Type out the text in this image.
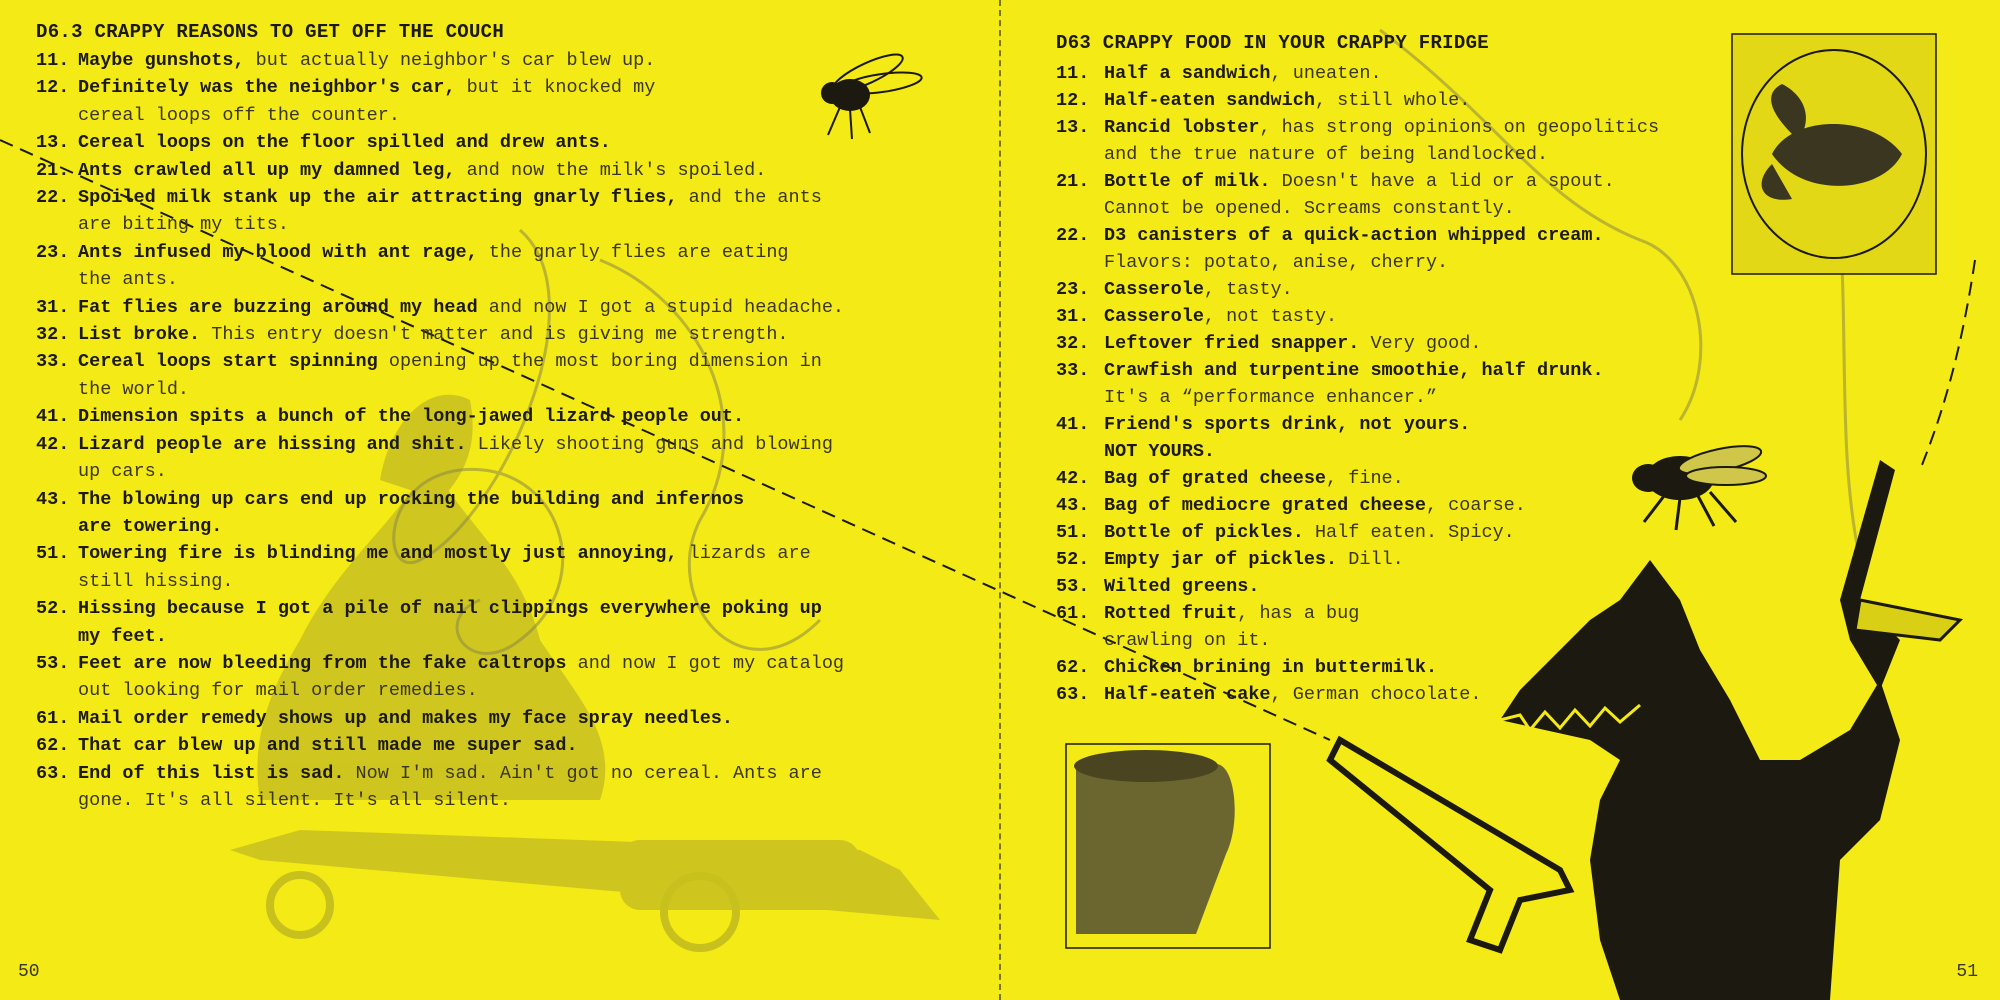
D6.3 CRAPPY REASONS TO GET OFF THE COUCH
11. Maybe gunshots, but actually neighbor's car blew up.
12. Definitely was the neighbor's car, but it knocked my
cereal loops off the counter.
13. Cereal loops on the floor spilled and drew ants.
21. Ants crawled all up my damned leg, and now the milk's spoiled.
22. Spoiled milk stank up the air attracting gnarly flies, and the ants
are biting my tits.
23. Ants infused my blood with ant rage, the gnarly flies are eating
the ants.
31. Fat flies are buzzing around my head and now I got a stupid headache.
32. List broke. This entry doesn't matter and is giving me strength.
33. Cereal loops start spinning opening up the most boring dimension in
the world.
41. Dimension spits a bunch of the long-jawed lizard people out.
42. Lizard people are hissing and shit. Likely shooting guns and blowing
up cars.
43. The blowing up cars end up rocking the building and infernos
are towering.
51. Towering fire is blinding me and mostly just annoying, lizards are
still hissing.
52. Hissing because I got a pile of nail clippings everywhere poking up
my feet.
53. Feet are now bleeding from the fake caltrops and now I got my catalog
out looking for mail order remedies.
61. Mail order remedy shows up and makes my face spray needles.
62. That car blew up and still made me super sad.
63. End of this list is sad. Now I'm sad. Ain't got no cereal. Ants are
gone. It's all silent. It's all silent.
50
D63 CRAPPY FOOD IN YOUR CRAPPY FRIDGE
11. Half a sandwich, uneaten.
12. Half-eaten sandwich, still whole.
13. Rancid lobster, has strong opinions on geopolitics
and the true nature of being landlocked.
21. Bottle of milk. Doesn't have a lid or a spout.
Cannot be opened. Screams constantly.
22. D3 canisters of a quick-action whipped cream.
Flavors: potato, anise, cherry.
23. Casserole, tasty.
31. Casserole, not tasty.
32. Leftover fried snapper. Very good.
33. Crawfish and turpentine smoothie, half drunk.
It's a “performance enhancer.”
41. Friend's sports drink, not yours.
NOT YOURS.
42. Bag of grated cheese, fine.
43. Bag of mediocre grated cheese, coarse.
51. Bottle of pickles. Half eaten. Spicy.
52. Empty jar of pickles. Dill.
53. Wilted greens.
61. Rotted fruit, has a bug
crawling on it.
62. Chicken brining in buttermilk.
63. Half-eaten cake, German chocolate.
51
